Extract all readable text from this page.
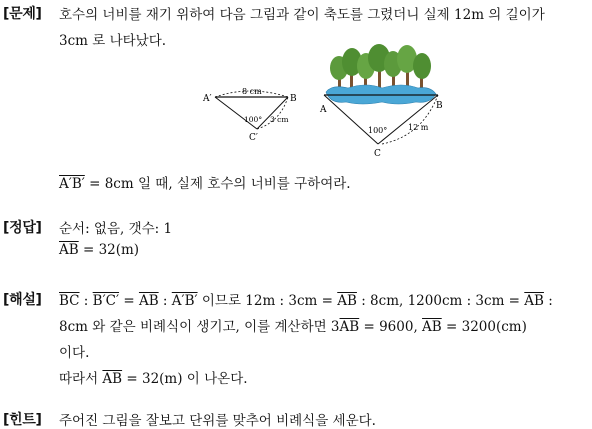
[문제] 호수의 너비를 재기 위하여 다음 그림과 같이 축도를 그렸더니 실제 12m 의 길이가
3cm 로 나타났다.
A′	B
C′
8 cm
100° 3 cm
A	B
C
100°	12 m
A′B′ = 8cm 일 때, 실제 호수의 너비를 구하여라.
[정답] 순서: 없음, 갯수: 1
$\overline{AB} = 32(m)$
[해설] $\overline{BC}$ : $B'C' = \overline{AB}$ : A′B′ 이므로 12m : $3cm = \overline{AB}$ : 8cm, 1200cm : $3cm = \overline{AB}$ :
8cm 와 같은 비례식이 생기고, 이를 계산하면 $3\overline{AB} = 9600$, $\overline{AB} = 3200(cm)$
이다.
따라서 $\overline{AB} = 32(m)$ 이 나온다.
[힌트] 주어진 그림을 잘보고 단위를 맞추어 비례식을 세운다.
